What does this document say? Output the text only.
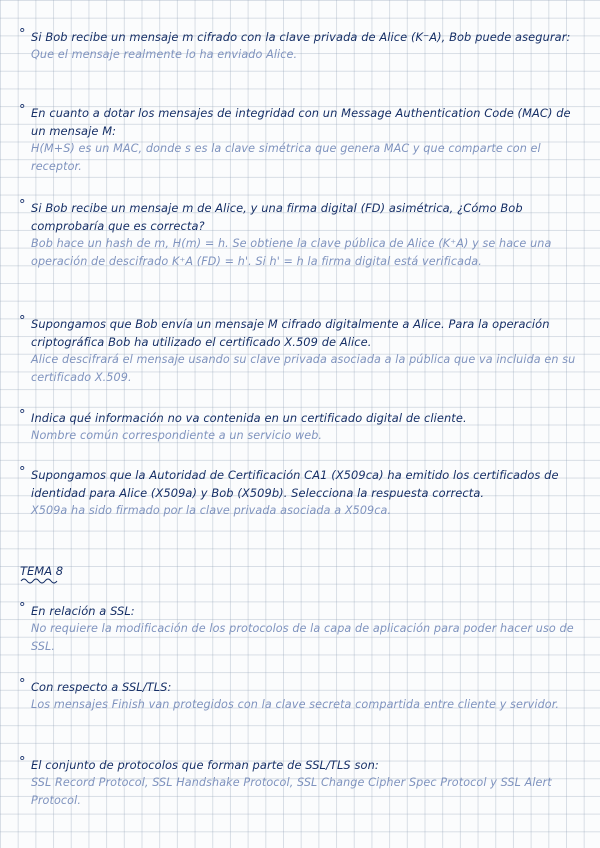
° Si Bob recibe un mensaje m cifrado con la clave privada de Alice (K⁻A), Bob puede asegurar:

Que el mensaje realmente lo ha enviado Alice.

° En cuanto a dotar los mensajes de integridad con un Message Authentication Code (MAC) de un mensaje M:

H(M+S) es un MAC, donde s es la clave simétrica que genera MAC y que comparte con el receptor.

° Si Bob recibe un mensaje m de Alice, y una firma digital (FD) asimétrica, ¿Cómo Bob comprobaría que es correcta?

Bob hace un hash de m, H(m) = h. Se obtiene la clave pública de Alice (K⁺A) y se hace una operación de descifrado K⁺A (FD) = h'. Si h' = h la firma digital está verificada.

° Supongamos que Bob envía un mensaje M cifrado digitalmente a Alice. Para la operación criptográfica Bob ha utilizado el certificado X.509 de Alice.

Alice descifrará el mensaje usando su clave privada asociada a la pública que va incluida en su certificado X.509.

° Indica qué información no va contenida en un certificado digital de cliente.

Nombre común correspondiente a un servicio web.

° Supongamos que la Autoridad de Certificación CA1 (X509ca) ha emitido los certificados de identidad para Alice (X509a) y Bob (X509b). Selecciona la respuesta correcta.

X509a ha sido firmado por la clave privada asociada a X509ca.

TEMA 8
° En relación a SSL:

No requiere la modificación de los protocolos de la capa de aplicación para poder hacer uso de SSL.

° Con respecto a SSL/TLS:

Los mensajes Finish van protegidos con la clave secreta compartida entre cliente y servidor.

° El conjunto de protocolos que forman parte de SSL/TLS son:

SSL Record Protocol, SSL Handshake Protocol, SSL Change Cipher Spec Protocol y SSL Alert Protocol.
